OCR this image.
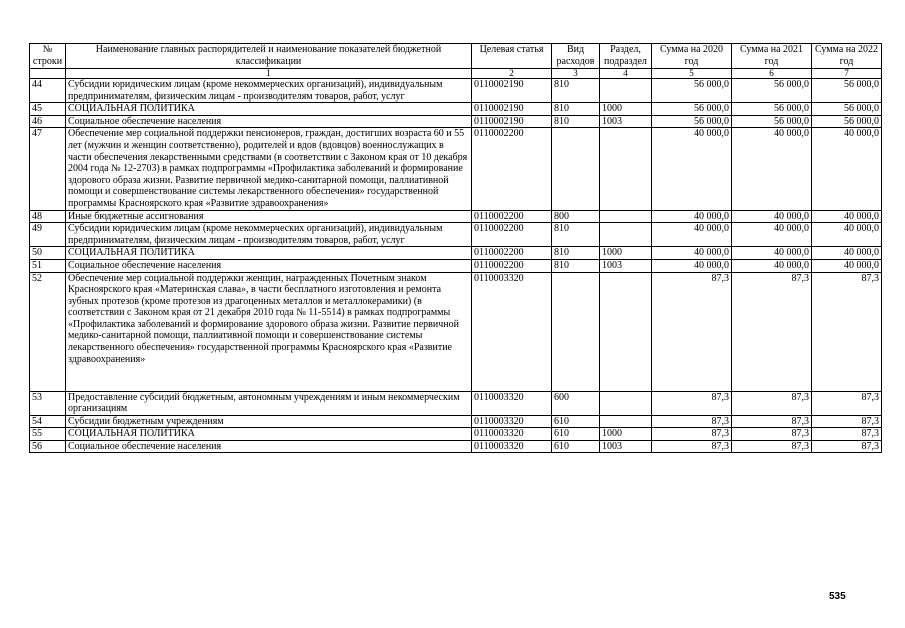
№ строки	Наименование главных распорядителей и наименование показателей бюджетной классификации	Целевая статья	Вид расходов	Раздел, подраздел	Сумма на 2020 год	Сумма на 2021 год	Сумма на 2022 год
	1	2	3	4	5	6	7
44	Субсидии юридическим лицам (кроме некоммерческих организаций), индивидуальным предпринимателям, физическим лицам - производителям товаров, работ, услуг	0110002190	810		56 000,0	56 000,0	56 000,0
45	СОЦИАЛЬНАЯ ПОЛИТИКА	0110002190	810	1000	56 000,0	56 000,0	56 000,0
46	Социальное обеспечение населения	0110002190	810	1003	56 000,0	56 000,0	56 000,0
47	Обеспечение мер социальной поддержки пенсионеров, граждан, достигших возраста 60 и 55 лет (мужчин и женщин соответственно), родителей и вдов (вдовцов) военнослужащих в части обеспечения лекарственными средствами (в соответствии с Законом края от 10 декабря 2004 года № 12-2703) в рамках подпрограммы «Профилактика заболеваний и формирование здорового образа жизни. Развитие первичной медико-санитарной помощи, паллиативной помощи и совершенствование системы лекарственного обеспечения» государственной программы Красноярского края «Развитие здравоохранения»	0110002200			40 000,0	40 000,0	40 000,0
48	Иные бюджетные ассигнования	0110002200	800		40 000,0	40 000,0	40 000,0
49	Субсидии юридическим лицам (кроме некоммерческих организаций), индивидуальным предпринимателям, физическим лицам - производителям товаров, работ, услуг	0110002200	810		40 000,0	40 000,0	40 000,0
50	СОЦИАЛЬНАЯ ПОЛИТИКА	0110002200	810	1000	40 000,0	40 000,0	40 000,0
51	Социальное обеспечение населения	0110002200	810	1003	40 000,0	40 000,0	40 000,0
52	Обеспечение мер социальной поддержки женщин, награжденных Почетным знаком Красноярского края «Материнская слава», в части бесплатного изготовления и ремонта зубных протезов (кроме протезов из драгоценных металлов и металлокерамики) (в соответствии с Законом края от 21 декабря 2010 года № 11-5514) в рамках подпрограммы «Профилактика заболеваний и формирование здорового образа жизни. Развитие первичной медико-санитарной помощи, паллиативной помощи и совершенствование системы лекарственного обеспечения» государственной программы Красноярского края «Развитие здравоохранения»	0110003320			87,3	87,3	87,3
53	Предоставление субсидий бюджетным, автономным учреждениям и иным некоммерческим организациям	0110003320	600		87,3	87,3	87,3
54	Субсидии бюджетным учреждениям	0110003320	610		87,3	87,3	87,3
55	СОЦИАЛЬНАЯ ПОЛИТИКА	0110003320	610	1000	87,3	87,3	87,3
56	Социальное обеспечение населения	0110003320	610	1003	87,3	87,3	87,3
535
